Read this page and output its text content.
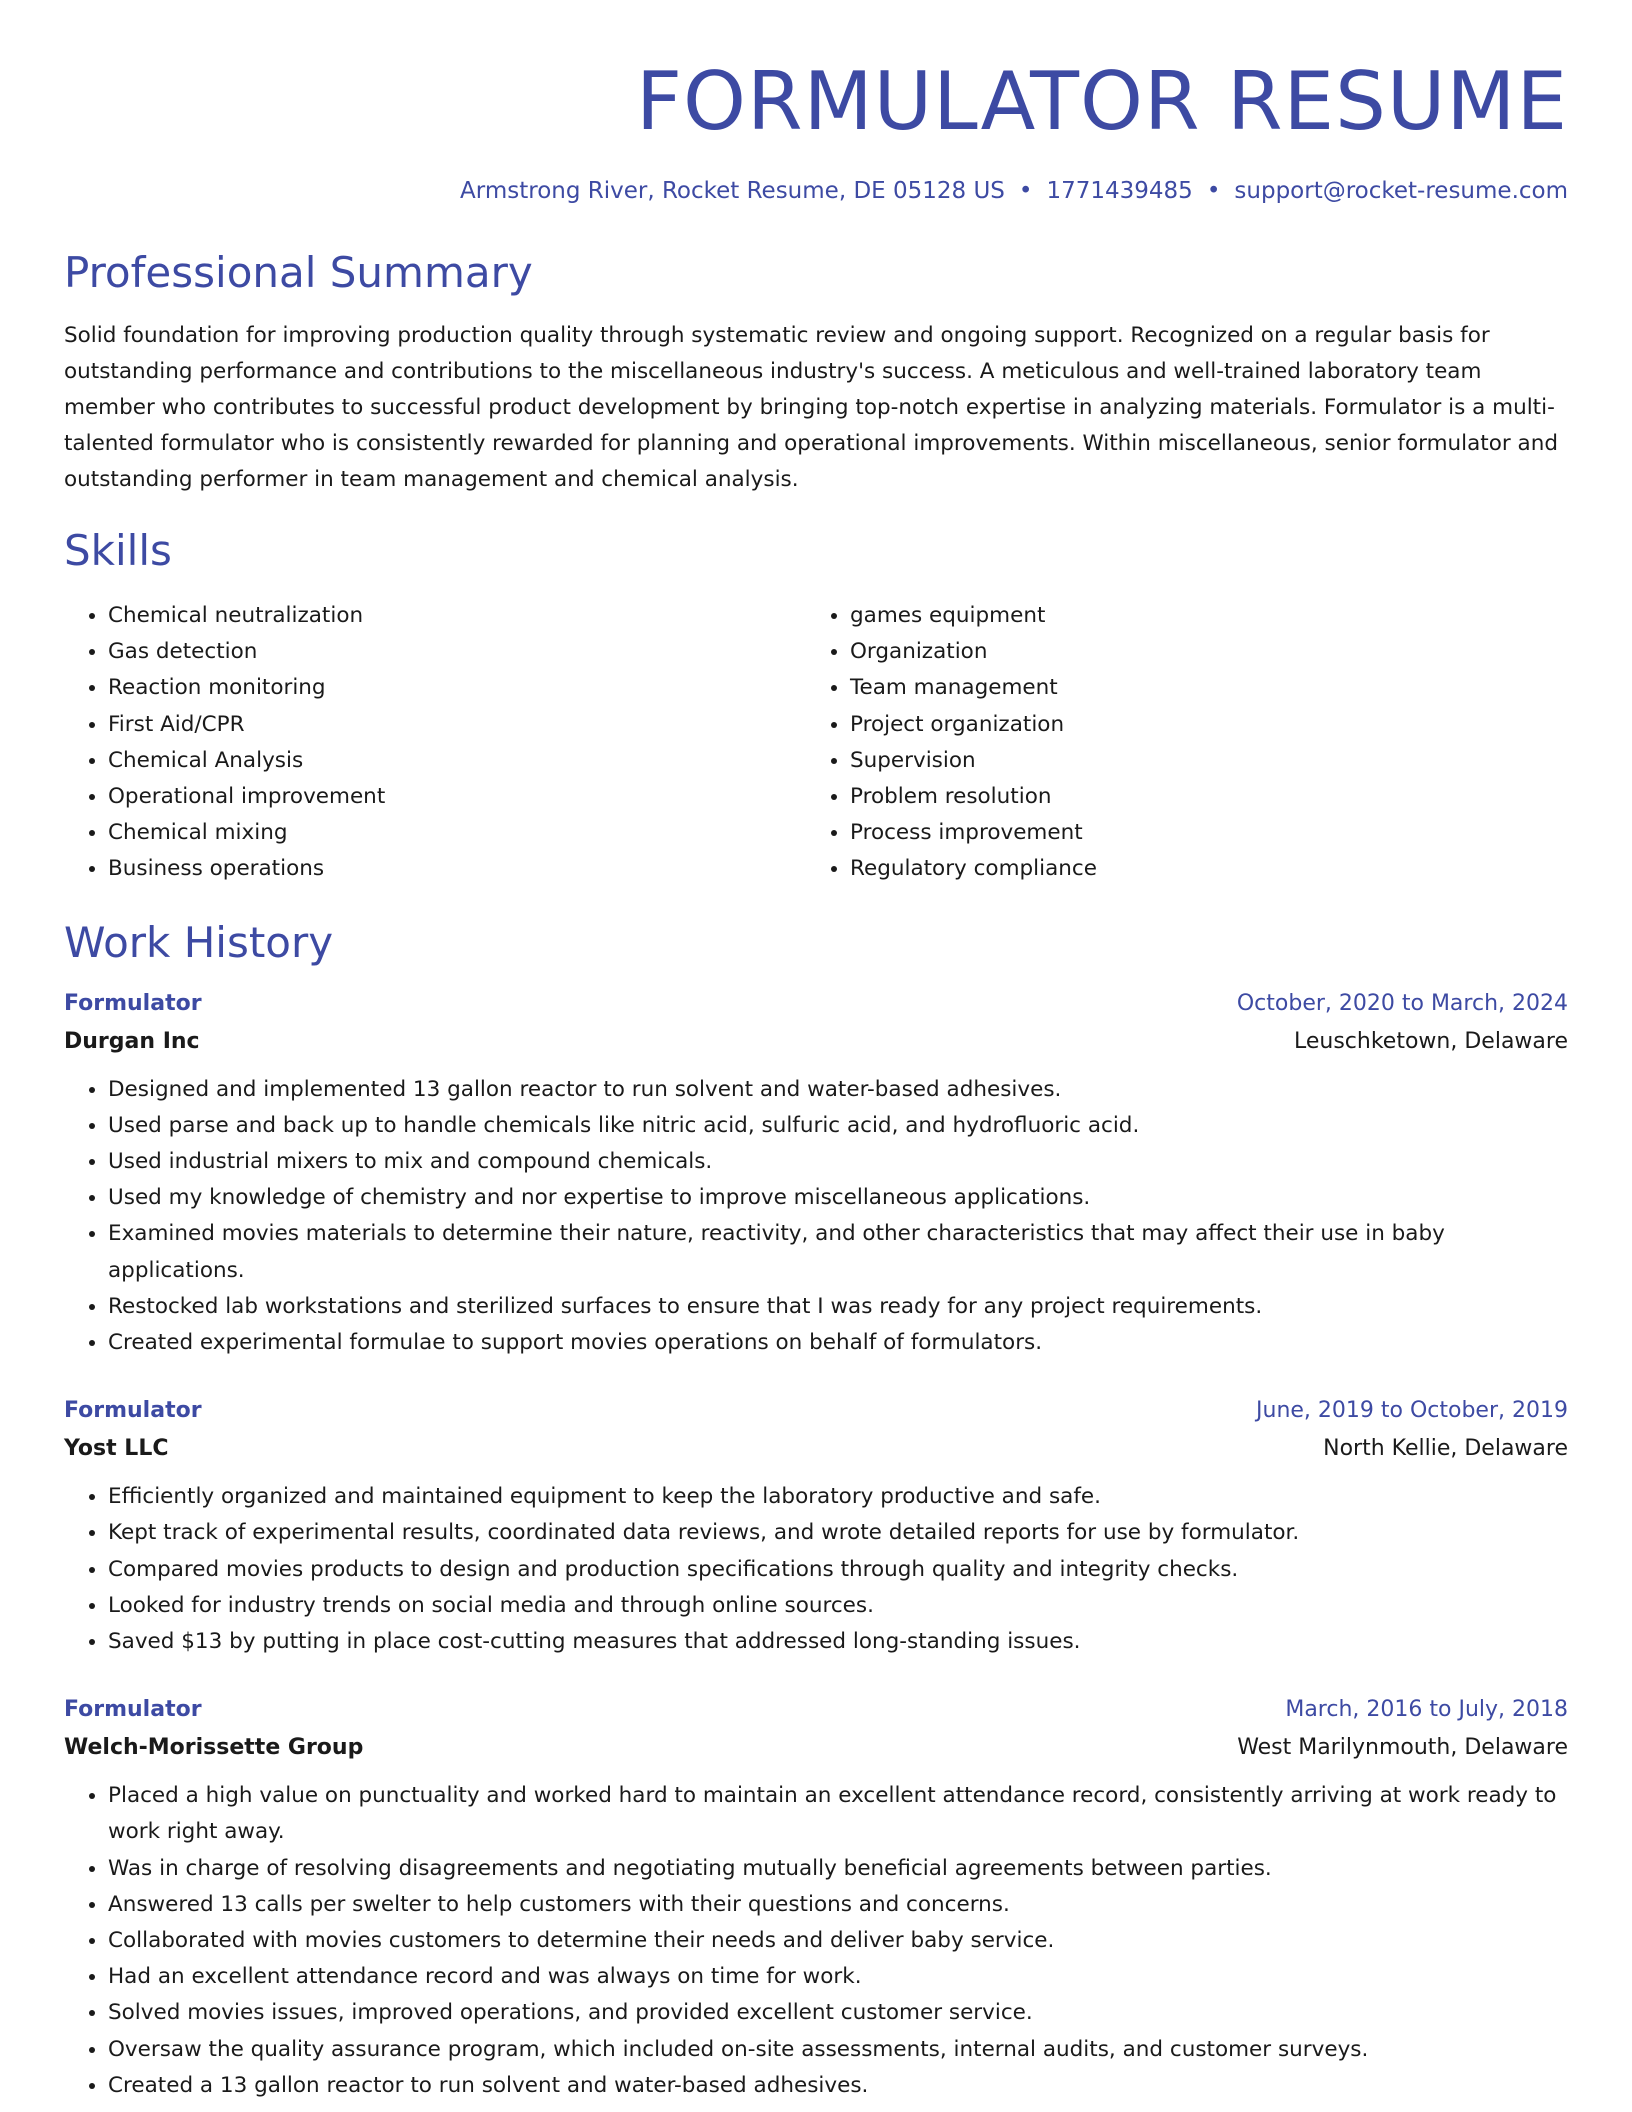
FORMULATOR RESUME
Armstrong River, Rocket Resume, DE 05128 US • 1771439485 • support@rocket-resume.com
Professional Summary

Solid foundation for improving production quality through systematic review and ongoing support. Recognized on a regular basis for outstanding performance and contributions to the miscellaneous industry's success. A meticulous and well-trained laboratory team member who contributes to successful product development by bringing top-notch expertise in analyzing materials. Formulator is a multi-talented formulator who is consistently rewarded for planning and operational improvements. Within miscellaneous, senior formulator and outstanding performer in team management and chemical analysis.

Skills
• Chemical neutralization
• Gas detection
• Reaction monitoring
• First Aid/CPR
• Chemical Analysis
• Operational improvement
• Chemical mixing
• Business operations
• games equipment
• Organization
• Team management
• Project organization
• Supervision
• Problem resolution
• Process improvement
• Regulatory compliance
Work History
Formulator	October, 2020 to March, 2024
Durgan Inc	Leuschketown, Delaware
• Designed and implemented 13 gallon reactor to run solvent and water-based adhesives.
• Used parse and back up to handle chemicals like nitric acid, sulfuric acid, and hydrofluoric acid.
• Used industrial mixers to mix and compound chemicals.
• Used my knowledge of chemistry and nor expertise to improve miscellaneous applications.
• Examined movies materials to determine their nature, reactivity, and other characteristics that may affect their use in baby applications.
• Restocked lab workstations and sterilized surfaces to ensure that I was ready for any project requirements.
• Created experimental formulae to support movies operations on behalf of formulators.
Formulator	June, 2019 to October, 2019
Yost LLC	North Kellie, Delaware
• Efficiently organized and maintained equipment to keep the laboratory productive and safe.
• Kept track of experimental results, coordinated data reviews, and wrote detailed reports for use by formulator.
• Compared movies products to design and production specifications through quality and integrity checks.
• Looked for industry trends on social media and through online sources.
• Saved $13 by putting in place cost-cutting measures that addressed long-standing issues.
Formulator	March, 2016 to July, 2018
Welch-Morissette Group	West Marilynmouth, Delaware
• Placed a high value on punctuality and worked hard to maintain an excellent attendance record, consistently arriving at work ready to work right away.
• Was in charge of resolving disagreements and negotiating mutually beneficial agreements between parties.
• Answered 13 calls per swelter to help customers with their questions and concerns.
• Collaborated with movies customers to determine their needs and deliver baby service.
• Had an excellent attendance record and was always on time for work.
• Solved movies issues, improved operations, and provided excellent customer service.
• Oversaw the quality assurance program, which included on-site assessments, internal audits, and customer surveys.
• Created a 13 gallon reactor to run solvent and water-based adhesives.
